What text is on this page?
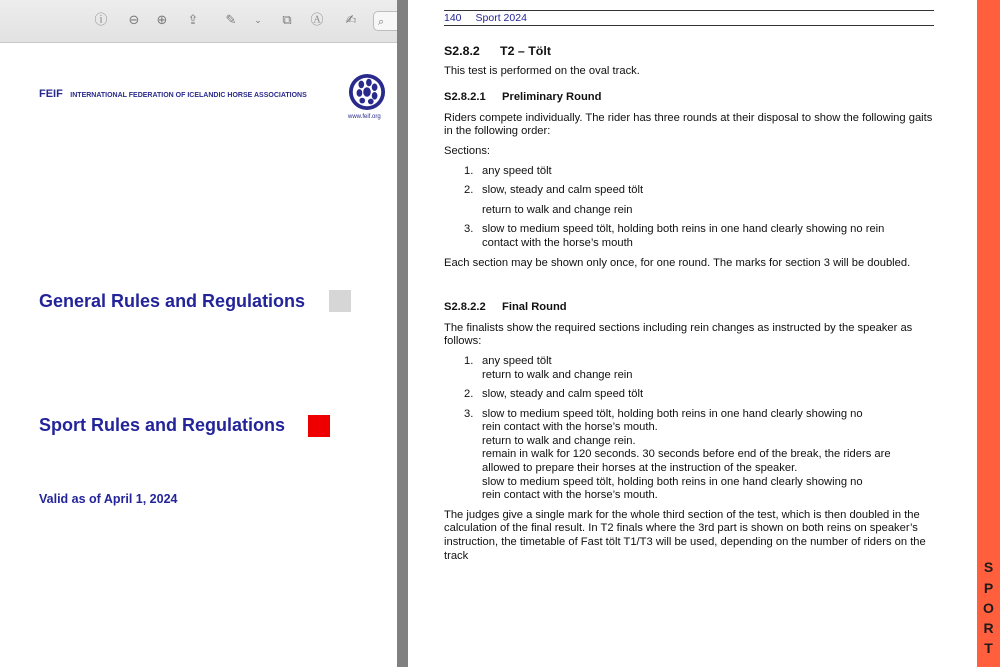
ⓘ ⊖ ⊕ ⇪ ✎	⌄	⧉	Ⓐ ✍	⌕
FEIF INTERNATIONAL FEDERATION OF ICELANDIC HORSE ASSOCIATIONS
www.feif.org
General Rules and Regulations
Sport Rules and Regulations
Valid as of April 1, 2024
140 Sport 2024
S
P
O
R
T

S2.8.2 T2 – Tölt

This test is performed on the oval track.

S2.8.2.1 Preliminary Round

Riders compete individually. The rider has three rounds at their disposal to show the following gaits in the following order:

Sections:

1. any speed tölt
2. slow, steady and calm speed tölt
return to walk and change rein
3. slow to medium speed tölt, holding both reins in one hand clearly showing no rein
contact with the horse’s mouth

Each section may be shown only once, for one round. The marks for section 3 will be doubled.

S2.8.2.2 Final Round

The finalists show the required sections including rein changes as instructed by the speaker as follows:

1. any speed tölt
return to walk and change rein
2. slow, steady and calm speed tölt
3. slow to medium speed tölt, holding both reins in one hand clearly showing no
rein contact with the horse’s mouth.
return to walk and change rein.
remain in walk for 120 seconds. 30 seconds before end of the break, the riders are
allowed to prepare their horses at the instruction of the speaker.
slow to medium speed tölt, holding both reins in one hand clearly showing no
rein contact with the horse’s mouth.

The judges give a single mark for the whole third section of the test, which is then doubled in the calculation of the final result. In T2 finals where the 3rd part is shown on both reins on speaker’s instruction, the timetable of Fast tölt T1/T3 will be used, depending on the number of riders on the track
